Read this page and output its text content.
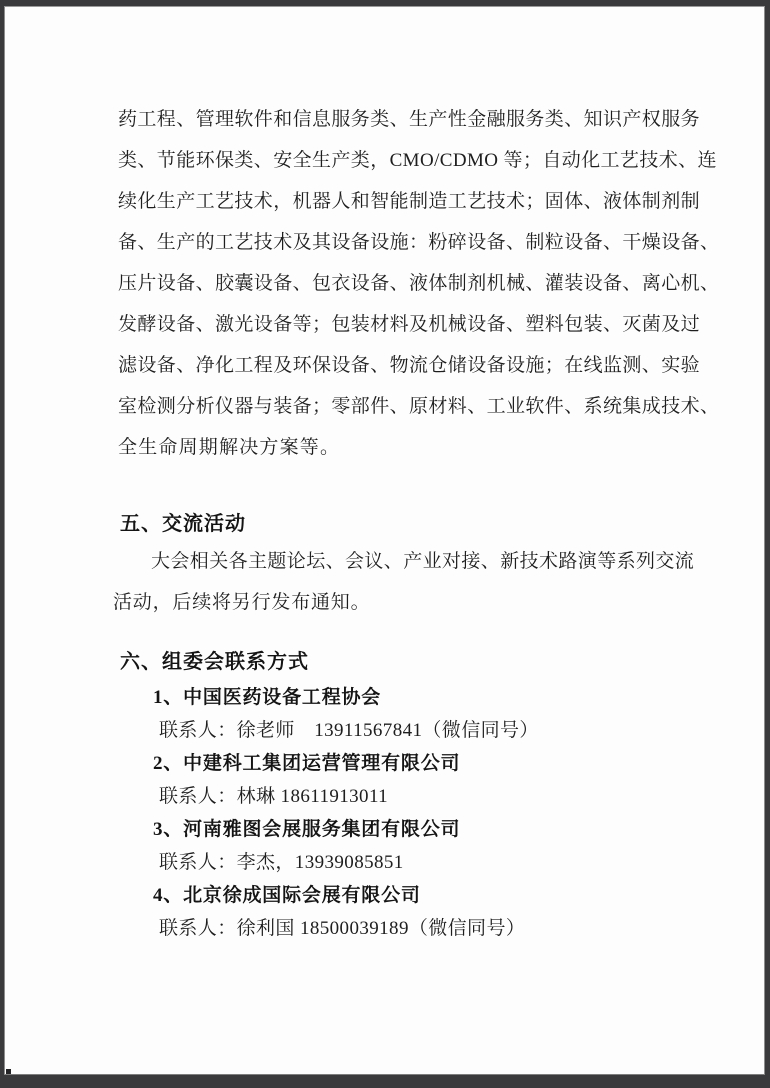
药工程、管理软件和信息服务类、生产性金融服务类、知识产权服务
类、节能环保类、安全生产类，CMO/CDMO 等；自动化工艺技术、连
续化生产工艺技术，机器人和智能制造工艺技术；固体、液体制剂制
备、生产的工艺技术及其设备设施：粉碎设备、制粒设备、干燥设备、
压片设备、胶囊设备、包衣设备、液体制剂机械、灌装设备、离心机、
发酵设备、激光设备等；包装材料及机械设备、塑料包装、灭菌及过
滤设备、净化工程及环保设备、物流仓储设备设施；在线监测、实验
室检测分析仪器与装备；零部件、原材料、工业软件、系统集成技术、
全生命周期解决方案等。
五、交流活动
大会相关各主题论坛、会议、产业对接、新技术路演等系列交流
活动，后续将另行发布通知。
六、组委会联系方式
1、中国医药设备工程协会
联系人：徐老师　13911567841（微信同号）
2、中建科工集团运营管理有限公司
联系人：林琳 18611913011
3、河南雅图会展服务集团有限公司
联系人：李杰，13939085851
4、北京徐成国际会展有限公司
联系人：徐利国 18500039189（微信同号）
